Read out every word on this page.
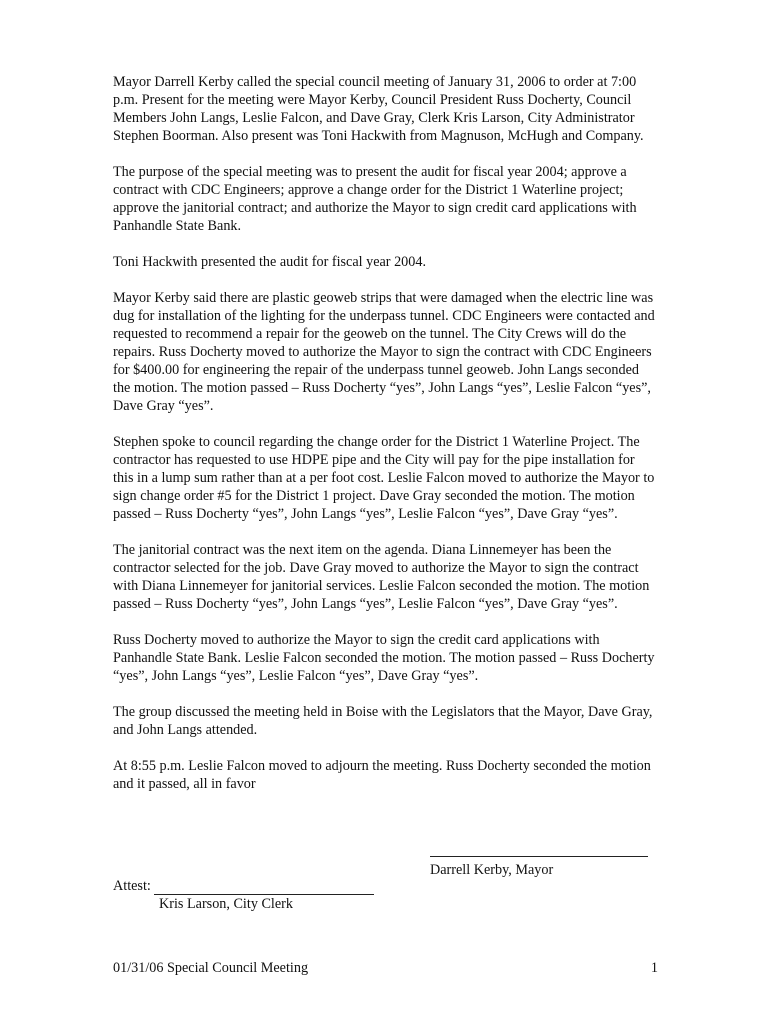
Mayor Darrell Kerby called the special council meeting of January 31, 2006 to order at 7:00 p.m. Present for the meeting were Mayor Kerby, Council President Russ Docherty, Council Members John Langs, Leslie Falcon, and Dave Gray, Clerk Kris Larson, City Administrator Stephen Boorman. Also present was Toni Hackwith from Magnuson, McHugh and Company.

The purpose of the special meeting was to present the audit for fiscal year 2004; approve a contract with CDC Engineers; approve a change order for the District 1 Waterline project; approve the janitorial contract; and authorize the Mayor to sign credit card applications with Panhandle State Bank.

Toni Hackwith presented the audit for fiscal year 2004.

Mayor Kerby said there are plastic geoweb strips that were damaged when the electric line was dug for installation of the lighting for the underpass tunnel. CDC Engineers were contacted and requested to recommend a repair for the geoweb on the tunnel. The City Crews will do the repairs. Russ Docherty moved to authorize the Mayor to sign the contract with CDC Engineers for $400.00 for engineering the repair of the underpass tunnel geoweb. John Langs seconded the motion. The motion passed – Russ Docherty “yes”, John Langs “yes”, Leslie Falcon “yes”, Dave Gray “yes”.

Stephen spoke to council regarding the change order for the District 1 Waterline Project. The contractor has requested to use HDPE pipe and the City will pay for the pipe installation for this in a lump sum rather than at a per foot cost. Leslie Falcon moved to authorize the Mayor to sign change order #5 for the District 1 project. Dave Gray seconded the motion. The motion passed – Russ Docherty “yes”, John Langs “yes”, Leslie Falcon “yes”, Dave Gray “yes”.

The janitorial contract was the next item on the agenda. Diana Linnemeyer has been the contractor selected for the job. Dave Gray moved to authorize the Mayor to sign the contract with Diana Linnemeyer for janitorial services. Leslie Falcon seconded the motion. The motion passed – Russ Docherty “yes”, John Langs “yes”, Leslie Falcon “yes”, Dave Gray “yes”.

Russ Docherty moved to authorize the Mayor to sign the credit card applications with Panhandle State Bank. Leslie Falcon seconded the motion. The motion passed – Russ Docherty “yes”, John Langs “yes”, Leslie Falcon “yes”, Dave Gray “yes”.

The group discussed the meeting held in Boise with the Legislators that the Mayor, Dave Gray, and John Langs attended.

At 8:55 p.m. Leslie Falcon moved to adjourn the meeting. Russ Docherty seconded the motion and it passed, all in favor

Darrell Kerby, Mayor
Attest:
Kris Larson, City Clerk
01/31/06 Special Council Meeting	1
